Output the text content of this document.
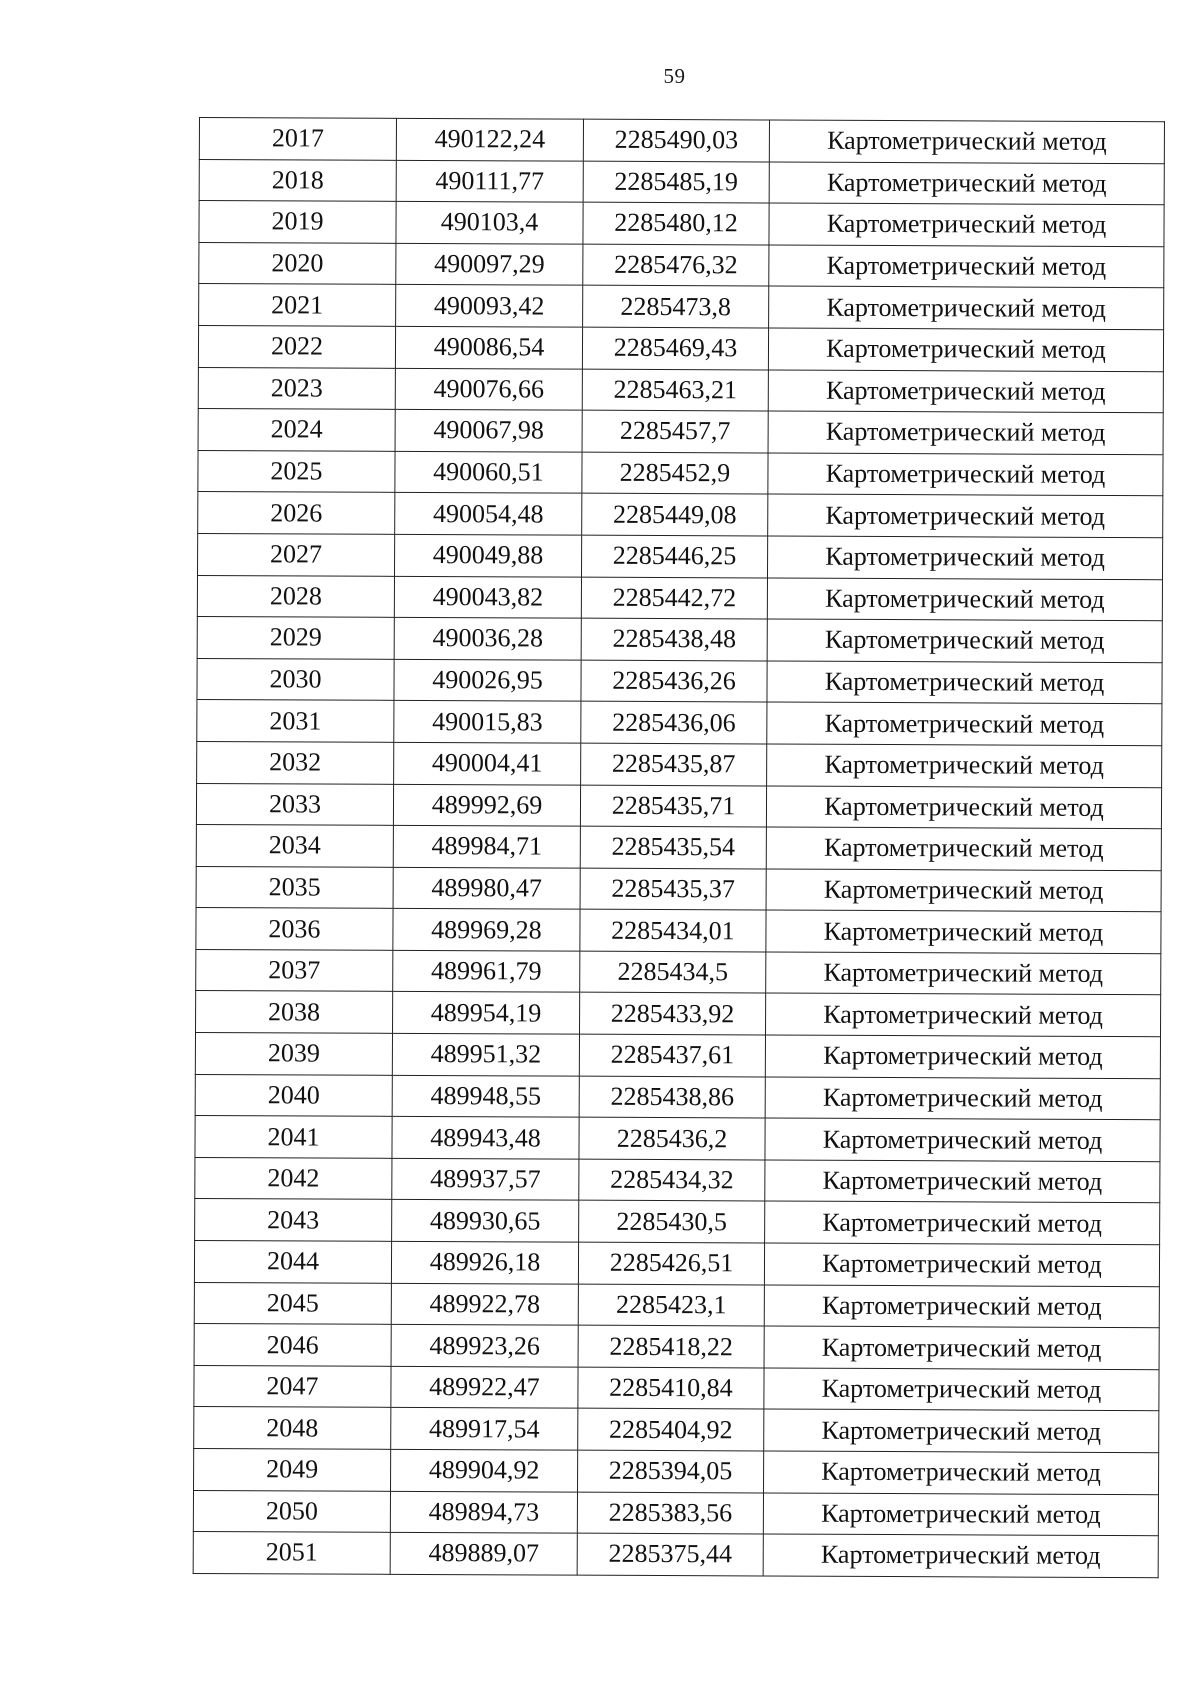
59
2017	490122,24	2285490,03	Картометрический метод
2018	490111,77	2285485,19	Картометрический метод
2019	490103,4	2285480,12	Картометрический метод
2020	490097,29	2285476,32	Картометрический метод
2021	490093,42	2285473,8	Картометрический метод
2022	490086,54	2285469,43	Картометрический метод
2023	490076,66	2285463,21	Картометрический метод
2024	490067,98	2285457,7	Картометрический метод
2025	490060,51	2285452,9	Картометрический метод
2026	490054,48	2285449,08	Картометрический метод
2027	490049,88	2285446,25	Картометрический метод
2028	490043,82	2285442,72	Картометрический метод
2029	490036,28	2285438,48	Картометрический метод
2030	490026,95	2285436,26	Картометрический метод
2031	490015,83	2285436,06	Картометрический метод
2032	490004,41	2285435,87	Картометрический метод
2033	489992,69	2285435,71	Картометрический метод
2034	489984,71	2285435,54	Картометрический метод
2035	489980,47	2285435,37	Картометрический метод
2036	489969,28	2285434,01	Картометрический метод
2037	489961,79	2285434,5	Картометрический метод
2038	489954,19	2285433,92	Картометрический метод
2039	489951,32	2285437,61	Картометрический метод
2040	489948,55	2285438,86	Картометрический метод
2041	489943,48	2285436,2	Картометрический метод
2042	489937,57	2285434,32	Картометрический метод
2043	489930,65	2285430,5	Картометрический метод
2044	489926,18	2285426,51	Картометрический метод
2045	489922,78	2285423,1	Картометрический метод
2046	489923,26	2285418,22	Картометрический метод
2047	489922,47	2285410,84	Картометрический метод
2048	489917,54	2285404,92	Картометрический метод
2049	489904,92	2285394,05	Картометрический метод
2050	489894,73	2285383,56	Картометрический метод
2051	489889,07	2285375,44	Картометрический метод
